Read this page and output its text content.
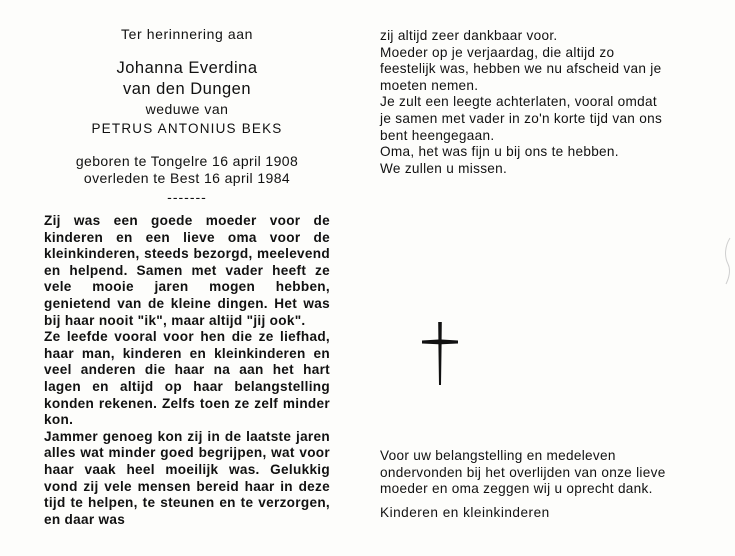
Ter herinnering aan
Johanna Everdina
van den Dungen
weduwe van
PETRUS ANTONIUS BEKS
geboren te Tongelre 16 april 1908
overleden te Best 16 april 1984
-------

Zij was een goede moeder voor de kinderen en een lieve oma voor de kleinkinderen, steeds bezorgd, meelevend en helpend. Samen met vader heeft ze vele mooie jaren mogen hebben, genietend van de kleine dingen. Het was bij haar nooit "ik", maar altijd "jij ook".

Ze leefde vooral voor hen die ze liefhad, haar man, kinderen en kleinkinderen en veel anderen die haar na aan het hart lagen en altijd op haar belangstelling konden rekenen. Zelfs toen ze zelf minder kon.

Jammer genoeg kon zij in de laatste jaren alles wat minder goed begrijpen, wat voor haar vaak heel moeilijk was. Gelukkig vond zij vele mensen bereid haar in deze tijd te helpen, te steunen en te verzorgen, en daar was

zij altijd zeer dankbaar voor.

Moeder op je verjaardag, die altijd zo feestelijk was, hebben we nu afscheid van je moeten nemen.

Je zult een leegte achterlaten, vooral omdat je samen met vader in zo'n korte tijd van ons bent heengegaan.

Oma, het was fijn u bij ons te hebben.

We zullen u missen.

Voor uw belangstelling en medeleven ondervonden bij het overlijden van onze lieve moeder en oma zeggen wij u oprecht dank.

Kinderen en kleinkinderen
